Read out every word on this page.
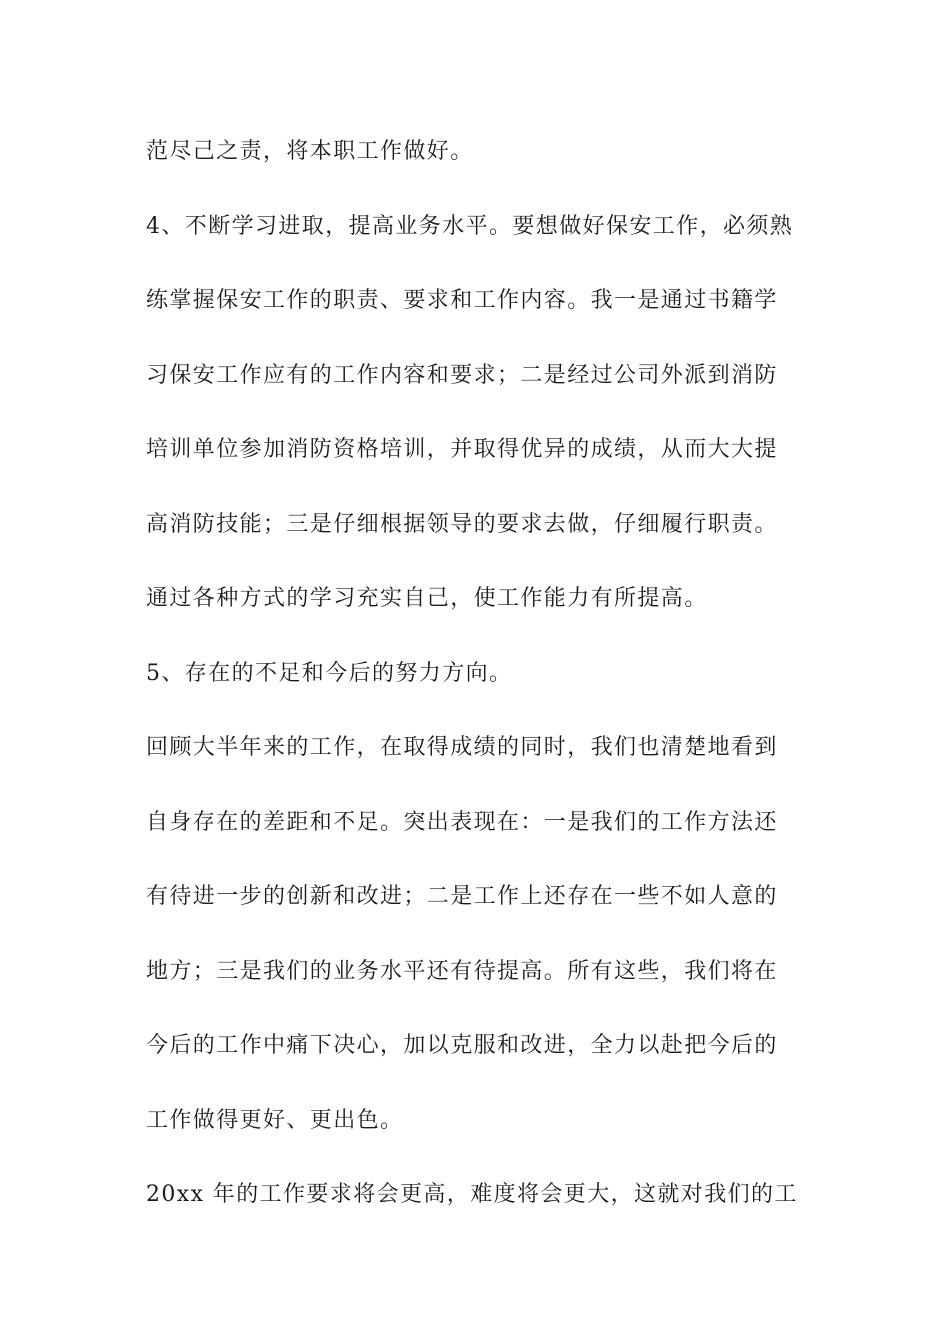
范尽己之责，将本职工作做好。
4、不断学习进取，提高业务水平。要想做好保安工作，必须熟
练掌握保安工作的职责、要求和工作内容。我一是通过书籍学
习保安工作应有的工作内容和要求；二是经过公司外派到消防
培训单位参加消防资格培训，并取得优异的成绩，从而大大提
高消防技能；三是仔细根据领导的要求去做，仔细履行职责。
通过各种方式的学习充实自己，使工作能力有所提高。
5、存在的不足和今后的努力方向。
回顾大半年来的工作，在取得成绩的同时，我们也清楚地看到
自身存在的差距和不足。突出表现在：一是我们的工作方法还
有待进一步的创新和改进；二是工作上还存在一些不如人意的
地方；三是我们的业务水平还有待提高。所有这些，我们将在
今后的工作中痛下决心，加以克服和改进，全力以赴把今后的
工作做得更好、更出色。
20xx 年的工作要求将会更高，难度将会更大，这就对我们的工
